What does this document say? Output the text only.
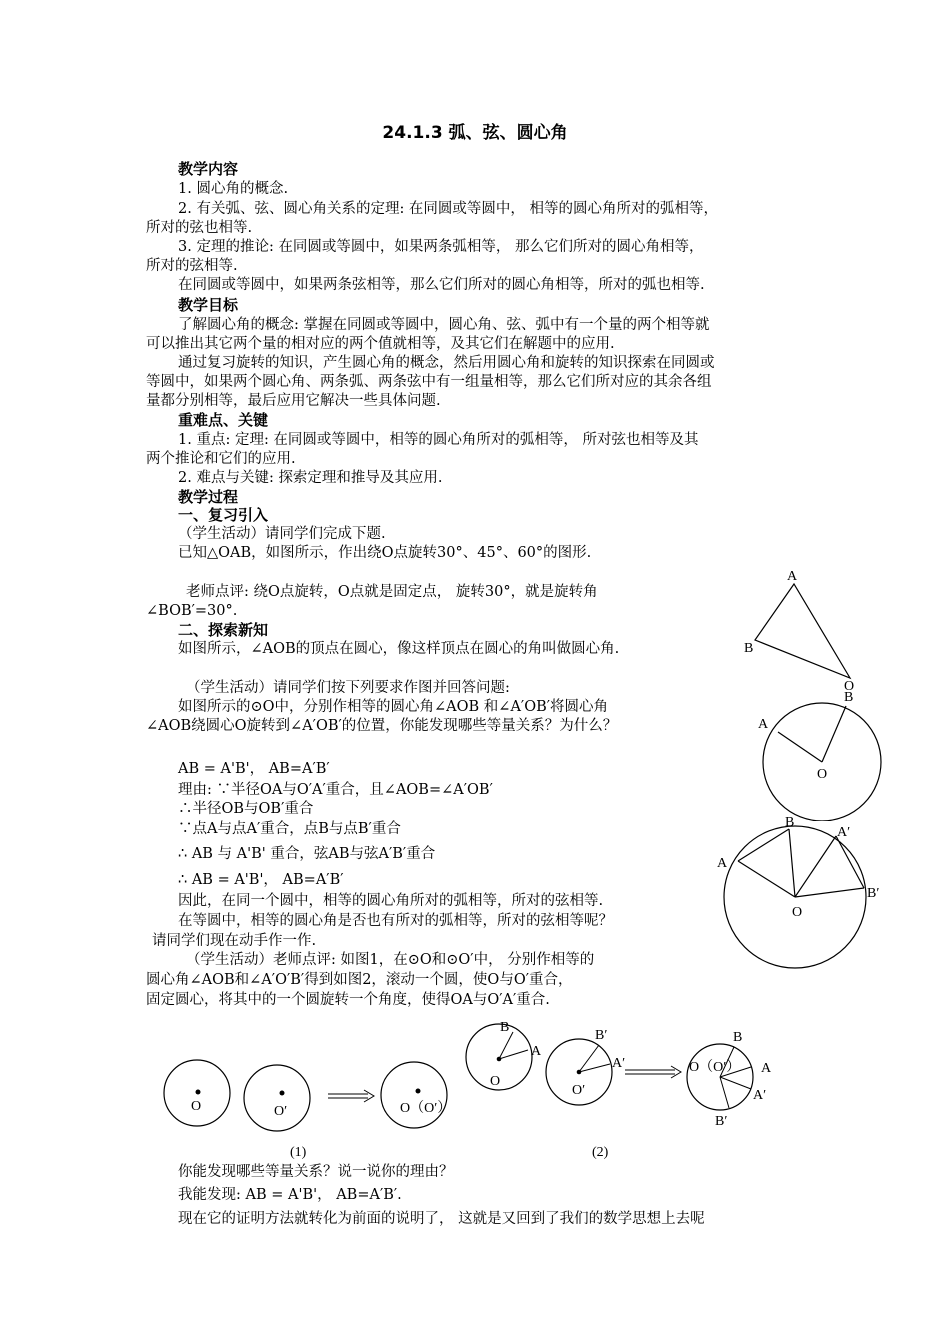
24.1.3 弧、弦、圆心角
教学内容
1. 圆心角的概念.
2. 有关弧、弦、圆心角关系的定理: 在同圆或等圆中， 相等的圆心角所对的弧相等，
所对的弦也相等.
3. 定理的推论: 在同圆或等圆中，如果两条弧相等， 那么它们所对的圆心角相等，
所对的弦相等.
在同圆或等圆中，如果两条弦相等，那么它们所对的圆心角相等，所对的弧也相等.
教学目标
了解圆心角的概念: 掌握在同圆或等圆中，圆心角、弦、弧中有一个量的两个相等就
可以推出其它两个量的相对应的两个值就相等，及其它们在解题中的应用.
通过复习旋转的知识，产生圆心角的概念，然后用圆心角和旋转的知识探索在同圆或
等圆中，如果两个圆心角、两条弧、两条弦中有一组量相等，那么它们所对应的其余各组
量都分别相等，最后应用它解决一些具体问题.
重难点、关键
1. 重点: 定理: 在同圆或等圆中，相等的圆心角所对的弧相等， 所对弦也相等及其
两个推论和它们的应用.
2. 难点与关键: 探索定理和推导及其应用.
教学过程
一、复习引入
（学生活动）请同学们完成下题.
已知△OAB，如图所示，作出绕O点旋转30°、45°、60°的图形.
老师点评: 绕O点旋转，O点就是固定点， 旋转30°，就是旋转角
∠BOB′=30°.
二、探索新知
如图所示，∠AOB的顶点在圆心，像这样顶点在圆心的角叫做圆心角.
（学生活动）请同学们按下列要求作图并回答问题:
如图所示的⊙O中，分别作相等的圆心角∠AOB 和∠A′OB′将圆心角
∠AOB绕圆心O旋转到∠A′OB′的位置，你能发现哪些等量关系？为什么？
AB = A'B'， AB=A′B′
理由: ∵半径OA与O′A′重合，且∠AOB=∠A′OB′
∴半径OB与OB′重合
∵点A与点A′重合，点B与点B′重合
∴ AB 与 A'B' 重合，弦AB与弦A′B′重合
∴ AB = A'B'， AB=A′B′
因此，在同一个圆中，相等的圆心角所对的弧相等，所对的弦相等.
在等圆中，相等的圆心角是否也有所对的弧相等，所对的弦相等呢？
请同学们现在动手作一作.
（学生活动）老师点评: 如图1，在⊙O和⊙O′中， 分别作相等的
圆心角∠AOB和∠A′O′B′得到如图2，滚动一个圆，使O与O′重合，
固定圆心，将其中的一个圆旋转一个角度，使得OA与O′A′重合.
你能发现哪些等量关系？说一说你的理由？
我能发现: AB = A'B'， AB=A′B′.
现在它的证明方法就转化为前面的说明了， 这就是又回到了我们的数学思想上去呢
A
B
O
B
A
O
B
A′
A
B′
O
O	O′	O（O′）
(1)
B
A
O
B′
A′
O′
O（O′）
B
A
A′
B′
(2)
